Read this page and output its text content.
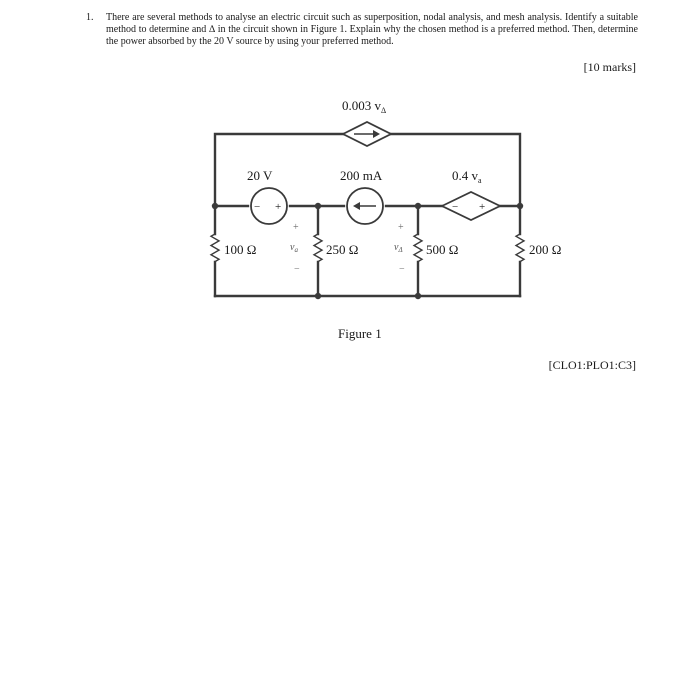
1. There are several methods to analyse an electric circuit such as superposition, nodal analysis, and mesh analysis. Identify a suitable method to determine and ∆ in the circuit shown in Figure 1. Explain why the chosen method is a preferred method. Then, determine the power absorbed by the 20 V source by using your preferred method.
[10 marks]
− +	− +
0.003 $v_\Delta$
20 V	200 mA	0.4 $v_a$
100 Ω	250 Ω	500 Ω	200 Ω
+
$v_a$
−
+
$v_\Delta$
−
Figure 1
[CLO1:PLO1:C3]
